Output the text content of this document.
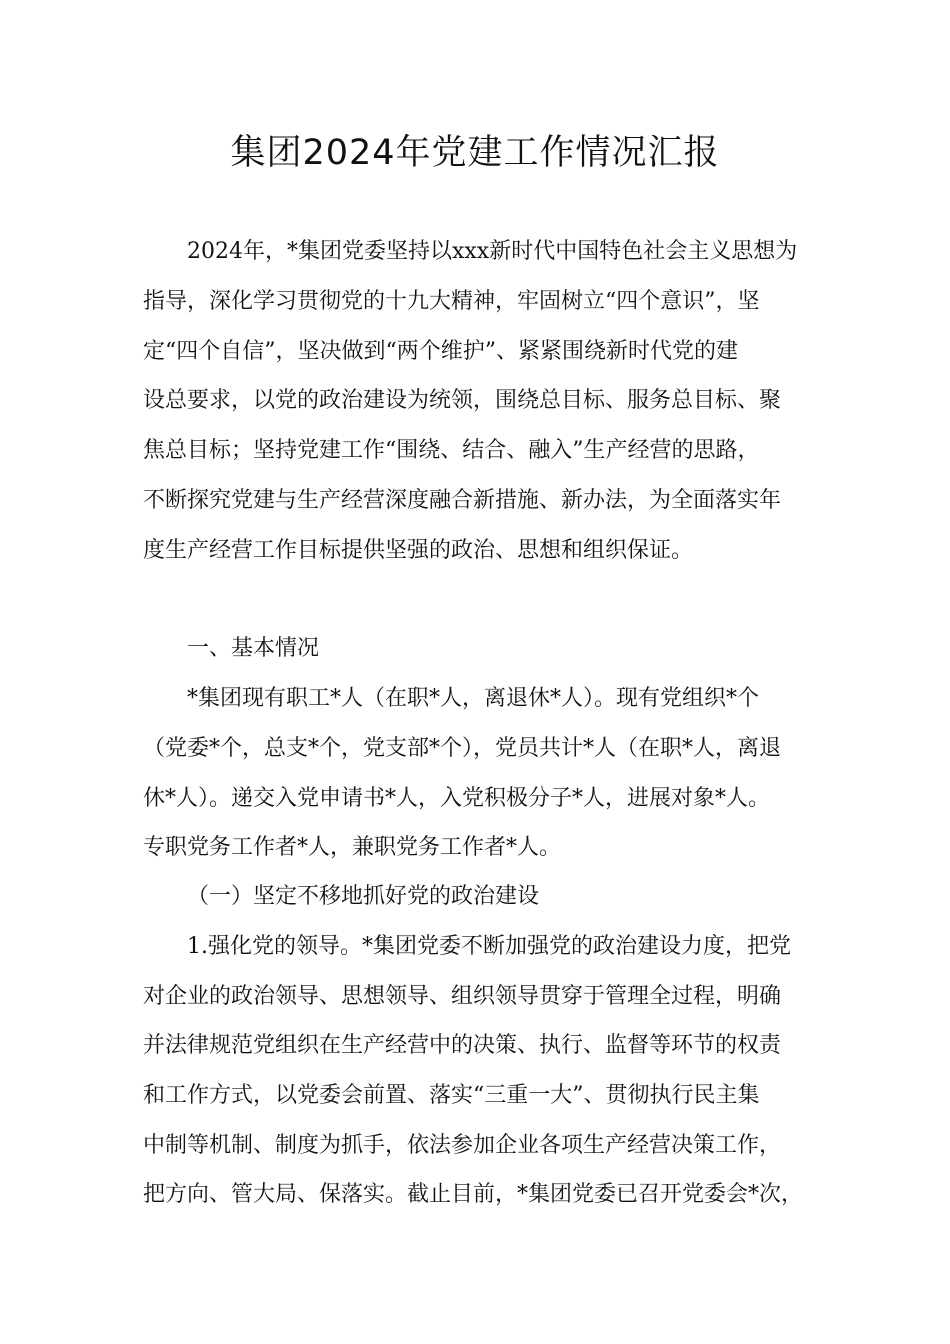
集团2024年党建工作情况汇报

2024年，*集团党委坚持以xxx新时代中国特色社会主义思想为

指导，深化学习贯彻党的十九大精神，牢固树立“四个意识”，坚

定“四个自信”，坚决做到“两个维护”、紧紧围绕新时代党的建

设总要求，以党的政治建设为统领，围绕总目标、服务总目标、聚

焦总目标；坚持党建工作“围绕、结合、融入”生产经营的思路，

不断探究党建与生产经营深度融合新措施、新办法，为全面落实年

度生产经营工作目标提供坚强的政治、思想和组织保证。

一、基本情况

*集团现有职工*人（在职*人，离退休*人）。现有党组织*个

（党委*个，总支*个，党支部*个），党员共计*人（在职*人，离退

休*人）。递交入党申请书*人，入党积极分子*人，进展对象*人。

专职党务工作者*人，兼职党务工作者*人。

（一）坚定不移地抓好党的政治建设

1.强化党的领导。*集团党委不断加强党的政治建设力度，把党

对企业的政治领导、思想领导、组织领导贯穿于管理全过程，明确

并法律规范党组织在生产经营中的决策、执行、监督等环节的权责

和工作方式，以党委会前置、落实“三重一大”、贯彻执行民主集

中制等机制、制度为抓手，依法参加企业各项生产经营决策工作，

把方向、管大局、保落实。截止目前，*集团党委已召开党委会*次，
